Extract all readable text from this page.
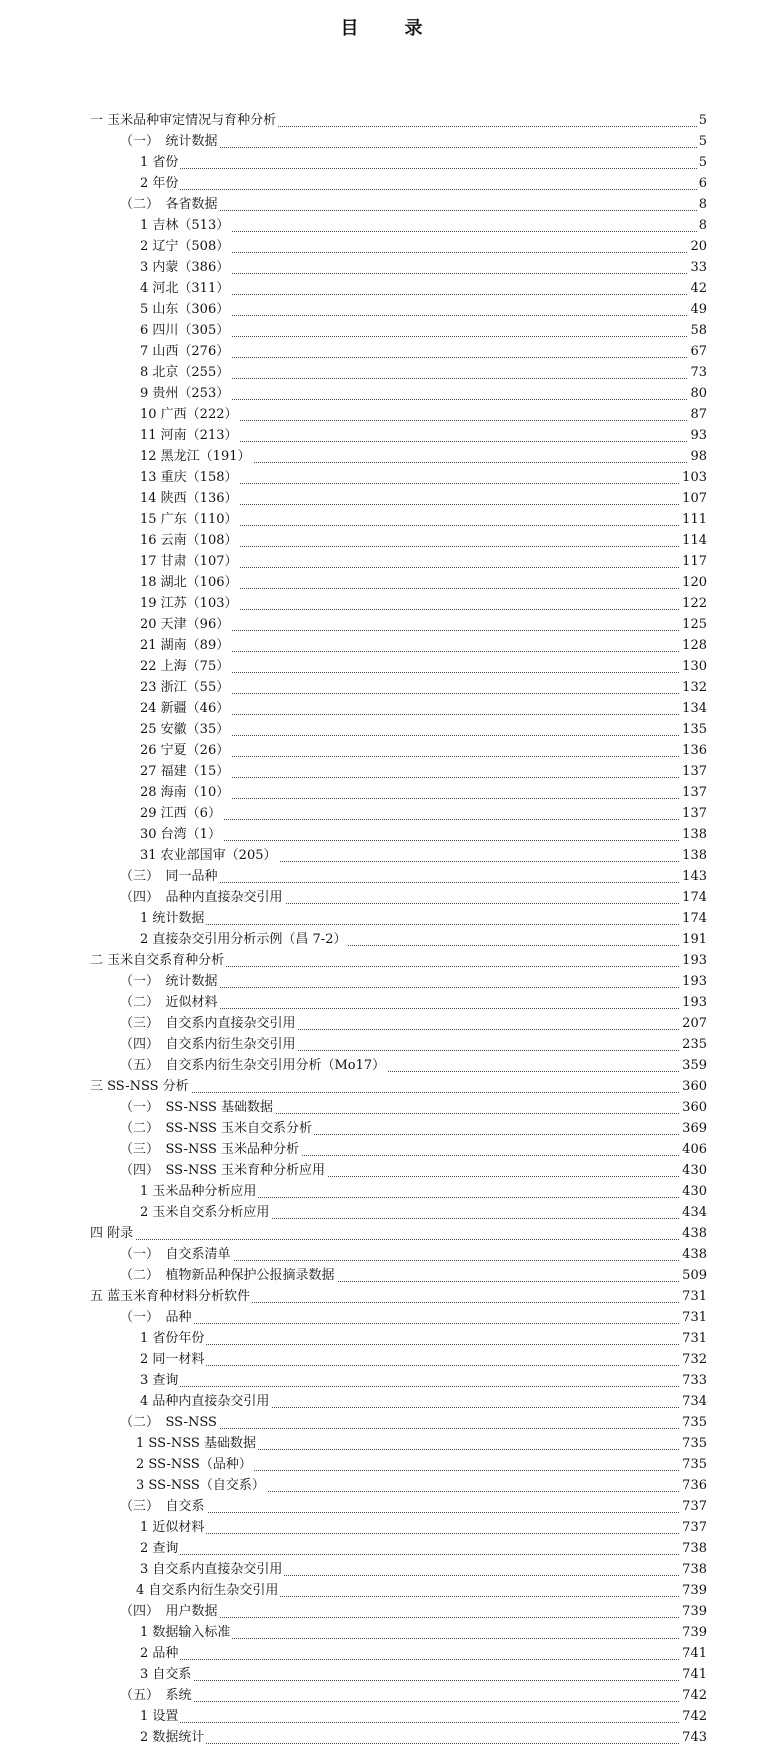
目　录
一 玉米品种审定情况与育种分析	5
（一）　统计数据	5
1 省份	5
2 年份	6
（二）　各省数据	8
1 吉林（513）	8
2 辽宁（508）	20
3 内蒙（386）	33
4 河北（311）	42
5 山东（306）	49
6 四川（305）	58
7 山西（276）	67
8 北京（255）	73
9 贵州（253）	80
10 广西（222）	87
11 河南（213）	93
12 黑龙江（191）	98
13 重庆（158）	103
14 陕西（136）	107
15 广东（110）	111
16 云南（108）	114
17 甘肃（107）	117
18 湖北（106）	120
19 江苏（103）	122
20 天津（96）	125
21 湖南（89）	128
22 上海（75）	130
23 浙江（55）	132
24 新疆（46）	134
25 安徽（35）	135
26 宁夏（26）	136
27 福建（15）	137
28 海南（10）	137
29 江西（6）	137
30 台湾（1）	138
31 农业部国审（205）	138
（三）　同一品种	143
（四）　品种内直接杂交引用	174
1 统计数据	174
2 直接杂交引用分析示例（昌 7-2）	191
二 玉米自交系育种分析	193
（一）　统计数据	193
（二）　近似材料	193
（三）　自交系内直接杂交引用	207
（四）　自交系内衍生杂交引用	235
（五）　自交系内衍生杂交引用分析（Mo17）	359
三 SS-NSS 分析	360
（一）　SS-NSS 基础数据	360
（二）　SS-NSS 玉米自交系分析	369
（三）　SS-NSS 玉米品种分析	406
（四）　SS-NSS 玉米育种分析应用	430
1 玉米品种分析应用	430
2 玉米自交系分析应用	434
四 附录	438
（一）　自交系清单	438
（二）　植物新品种保护公报摘录数据	509
五 蓝玉米育种材料分析软件	731
（一）　品种	731
1 省份年份	731
2 同一材料	732
3 查询	733
4 品种内直接杂交引用	734
（二）　SS-NSS	735
1 SS-NSS 基础数据	735
2 SS-NSS（品种）	735
3 SS-NSS（自交系）	736
（三）　自交系	737
1 近似材料	737
2 查询	738
3 自交系内直接杂交引用	738
4 自交系内衍生杂交引用	739
（四）　用户数据	739
1 数据输入标准	739
2 品种	741
3 自交系	741
（五）　系统	742
1 设置	742
2 数据统计	743
